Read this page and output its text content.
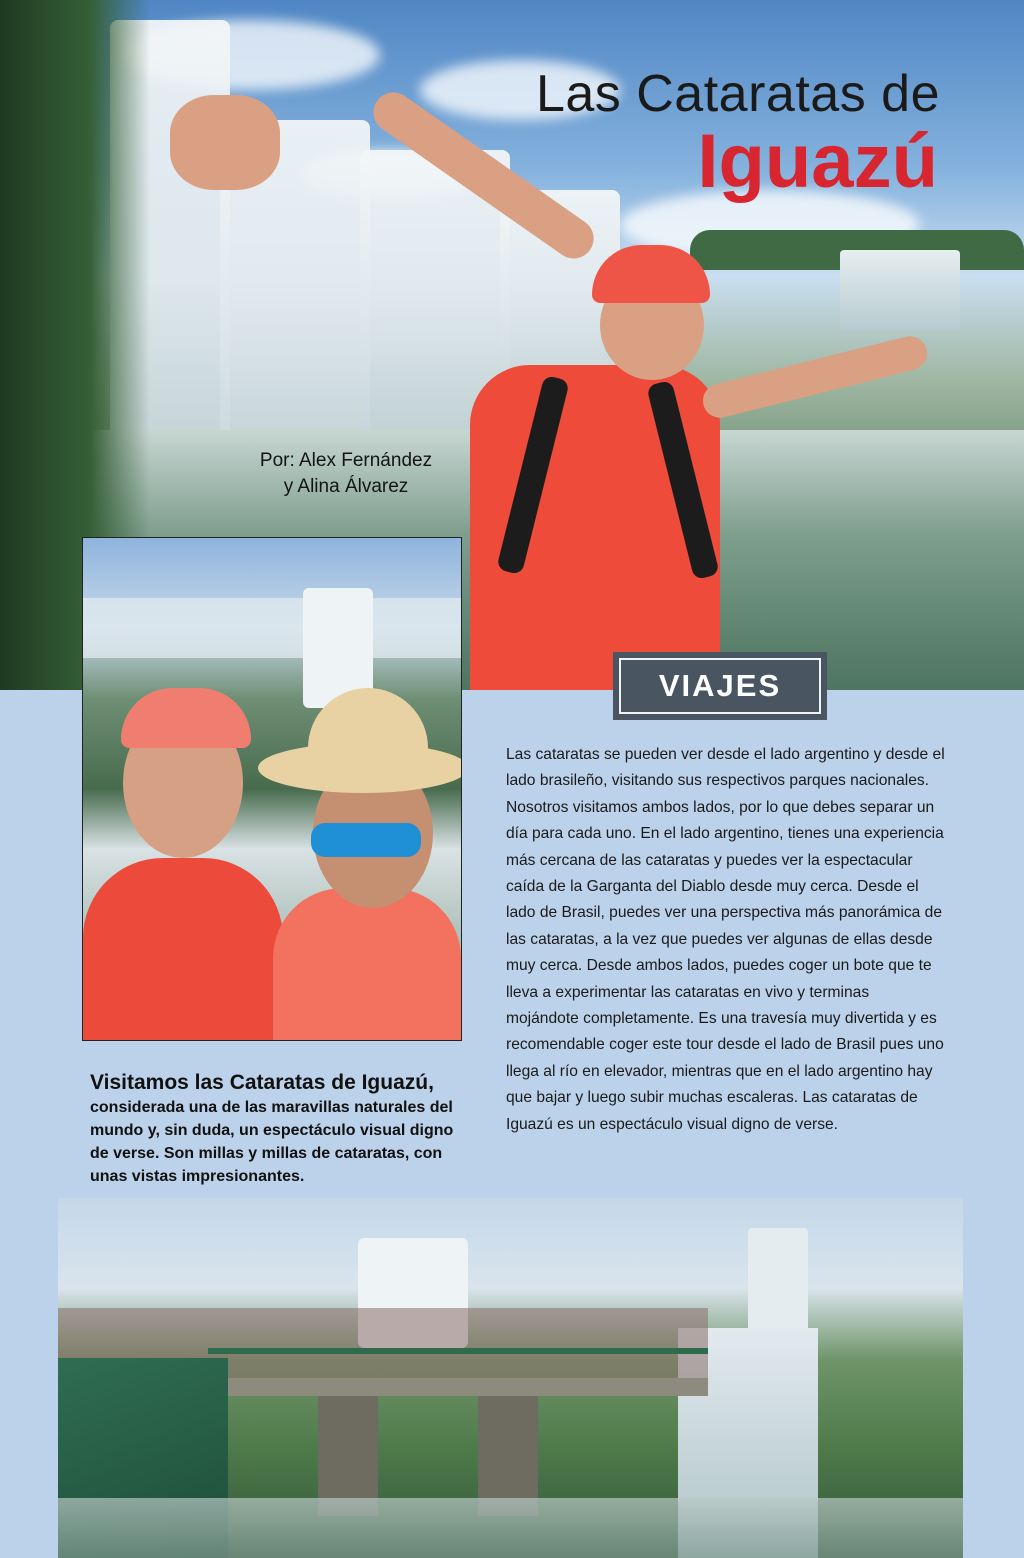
Las Cataratas de
Iguazú
Por: Alex Fernández
y Alina Álvarez
VIAJES

Las cataratas se pueden ver desde el lado argentino y desde el lado brasileño, visitando sus respectivos parques nacionales. Nosotros visitamos ambos lados, por lo que debes separar un día para cada uno. En el lado argentino, tienes una experiencia más cercana de las cataratas y puedes ver la espectacular caída de la Garganta del Diablo desde muy cerca. Desde el lado de Brasil, puedes ver una perspectiva más panorámica de las cataratas, a la vez que puedes ver algunas de ellas desde muy cerca. Desde ambos lados, puedes coger un bote que te lleva a experimentar las cataratas en vivo y terminas mojándote completamente. Es una travesía muy divertida y es recomendable coger este tour desde el lado de Brasil pues uno llega al río en elevador, mientras que en el lado argentino hay que bajar y luego subir muchas escaleras. Las cataratas de Iguazú es un espectáculo visual digno de verse.

Visitamos las Cataratas de Iguazú,
considerada una de las maravillas naturales del mundo y, sin duda, un espectáculo visual digno de verse. Son millas y millas de cataratas, con unas vistas impresionantes.
